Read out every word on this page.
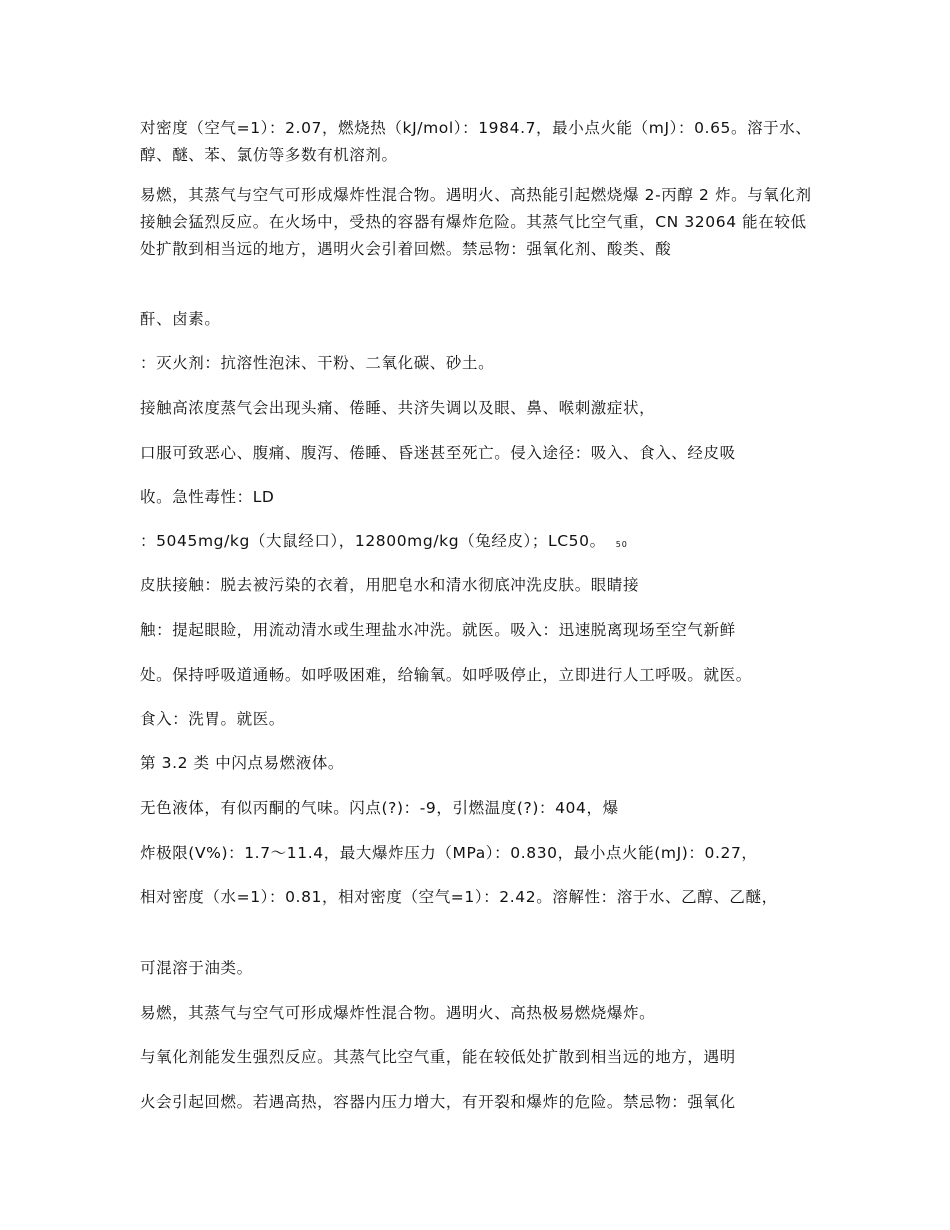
对密度（空气=1）：2.07，燃烧热（kJ/mol）：1984.7，最小点火能（mJ）：0.65。溶于水、醇、醚、苯、氯仿等多数有机溶剂。

易燃，其蒸气与空气可形成爆炸性混合物。遇明火、高热能引起燃烧爆 2-丙醇 2 炸。与氧化剂接触会猛烈反应。在火场中，受热的容器有爆炸危险。其蒸气比空气重，CN 32064 能在较低处扩散到相当远的地方，遇明火会引着回燃。禁忌物：强氧化剂、酸类、酸

酐、卤素。

：灭火剂：抗溶性泡沫、干粉、二氧化碳、砂土。

接触高浓度蒸气会出现头痛、倦睡、共济失调以及眼、鼻、喉刺激症状，

口服可致恶心、腹痛、腹泻、倦睡、昏迷甚至死亡。侵入途径：吸入、食入、经皮吸

收。急性毒性：LD

：5045mg/kg（大鼠经口），12800mg/kg（兔经皮）；LC50。 50

皮肤接触：脱去被污染的衣着，用肥皂水和清水彻底冲洗皮肤。眼睛接

触：提起眼睑，用流动清水或生理盐水冲洗。就医。吸入：迅速脱离现场至空气新鲜

处。保持呼吸道通畅。如呼吸困难，给输氧。如呼吸停止，立即进行人工呼吸。就医。

食入：洗胃。就医。

第 3.2 类 中闪点易燃液体。

无色液体，有似丙酮的气味。闪点(?)：-9，引燃温度(?)：404，爆

炸极限(V%)：1.7～11.4，最大爆炸压力（MPa）：0.830，最小点火能(mJ)：0.27，

相对密度（水=1）：0.81，相对密度（空气=1）：2.42。溶解性：溶于水、乙醇、乙醚，

可混溶于油类。

易燃，其蒸气与空气可形成爆炸性混合物。遇明火、高热极易燃烧爆炸。

与氧化剂能发生强烈反应。其蒸气比空气重，能在较低处扩散到相当远的地方，遇明

火会引起回燃。若遇高热，容器内压力增大，有开裂和爆炸的危险。禁忌物：强氧化
